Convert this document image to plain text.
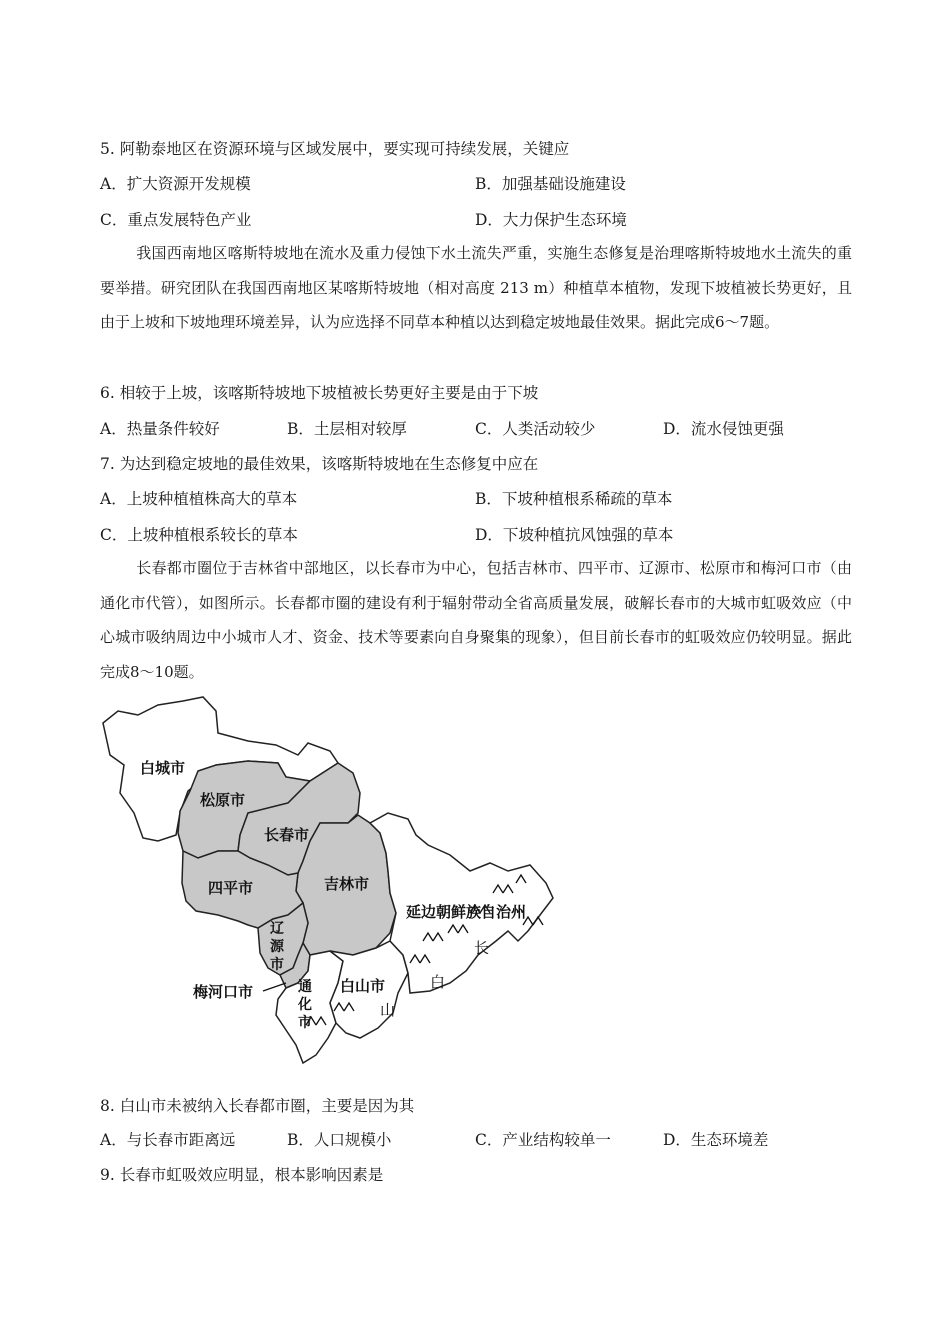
5. 阿勒泰地区在资源环境与区域发展中，要实现可持续发展，关键应
A．扩大资源开发规模	B．加强基础设施建设
C．重点发展特色产业	D．大力保护生态环境
我国西南地区喀斯特坡地在流水及重力侵蚀下水土流失严重，实施生态修复是治理喀斯特坡地水土流失的重要举措。研究团队在我国西南地区某喀斯特坡地（相对高度 213 m）种植草本植物，发现下坡植被长势更好，且由于上坡和下坡地理环境差异，认为应选择不同草本种植以达到稳定坡地最佳效果。据此完成6～7题。
6. 相较于上坡，该喀斯特坡地下坡植被长势更好主要是由于下坡
A．热量条件较好	B．土层相对较厚	C．人类活动较少	D．流水侵蚀更强
7. 为达到稳定坡地的最佳效果，该喀斯特坡地在生态修复中应在
A．上坡种植植株高大的草本	B．下坡种植根系稀疏的草本
C．上坡种植根系较长的草本	D．下坡种植抗风蚀强的草本
长春都市圈位于吉林省中部地区，以长春市为中心，包括吉林市、四平市、辽源市、松原市和梅河口市（由通化市代管），如图所示。长春都市圈的建设有利于辐射带动全省高质量发展，破解长春市的大城市虹吸效应（中心城市吸纳周边中小城市人才、资金、技术等要素向自身聚集的现象），但目前长春市的虹吸效应仍较明显。据此完成8～10题。
白城市
松原市
长春市
吉林市
四平市
辽
源
市
梅河口市	通
化
市
白山市
延边朝鲜族自治州
长
白
山
8. 白山市未被纳入长春都市圈，主要是因为其
A．与长春市距离远	B．人口规模小	C．产业结构较单一	D．生态环境差
9. 长春市虹吸效应明显，根本影响因素是
